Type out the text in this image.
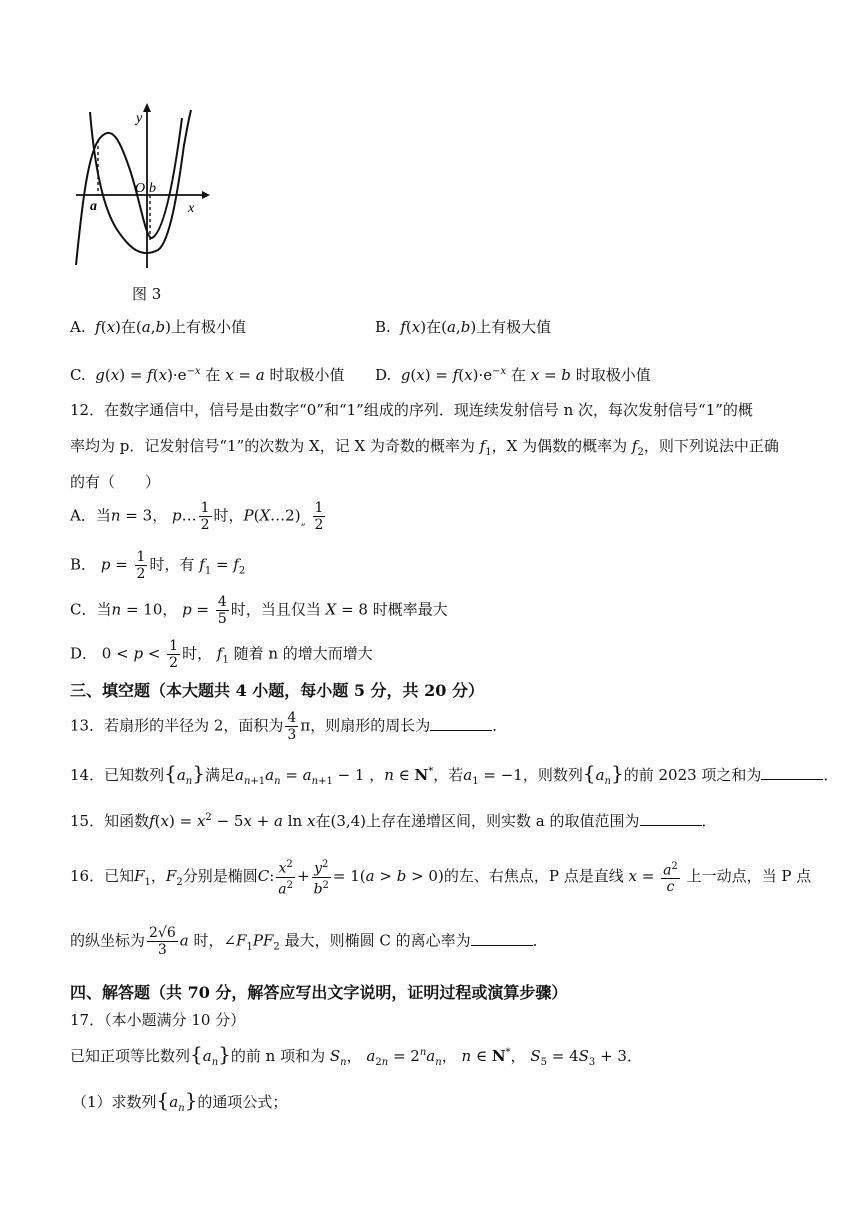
y
x
a
O b
图 3
A. f(x)在(a,b)上有极小值	B. f(x)在(a,b)上有极大值
C. $g(x) = f(x)\cdot e^{-x}$ 在 x = a 时取极小值 D. $g(x) = f(x)\cdot e^{-x}$ 在 x = b 时取极小值
12．在数字通信中，信号是由数字“0”和“1”组成的序列．现连续发射信号 n 次，每次发射信号“1”的概
率均为 p．记发射信号“1”的次数为 X，记 X 为奇数的概率为 $f_1$，X 为偶数的概率为 $f_2$，则下列说法中正确
的有（　　）
A．当n = 3， p… $\frac{1}{2}$ 时，$P(X\dots 2)_„ \frac{1}{2}$
B． $p = \frac{1}{2}$ 时，有 $f_1 = f_2$
C．当n = 10， $p = \frac{4}{5}$ 时，当且仅当 X = 8 时概率最大
D． $0 < p < \frac{1}{2}$ 时， $f_1$ 随着 n 的增大而增大
三、填空题（本大题共 4 小题，每小题 5 分，共 20 分）
13．若扇形的半径为 2，面积为 $\frac{4}{3}$ π，则扇形的周长为	．
14．已知数列$\{a_n\}$满足$a_{n+1}a_n = a_{n+1} - 1$ ，n ∈ N*，若$a_1 = -1$，则数列$\{a_n\}$的前 2023 项之和为	．
15．知函数$f(x) = x^2 - 5x + a$ ln x在(3,4)上存在递增区间，则实数 a 的取值范围为	．
16．已知$F_1$，$F_2$分别是椭圆C: $\frac{x^2}{a^2} + \frac{y^2}{b^2} = 1(a > b > 0)$的左、右焦点，P 点是直线 $x = \frac{a^2}{c}$ 上一动点，当 P 点
的纵坐标为 $\frac{2√6}{3}$ a 时，$\angle F_1PF_2$ 最大，则椭圆 C 的离心率为	．
四、解答题（共 70 分，解答应写出文字说明，证明过程或演算步骤）
17．（本小题满分 10 分）
已知正项等比数列$\{a_n\}$的前 n 项和为 $S_n$， $a_{2n} = 2^na_n$， n ∈ N*， $S_5 = 4S_3 + 3$．
（1）求数列$\{a_n\}$的通项公式；
